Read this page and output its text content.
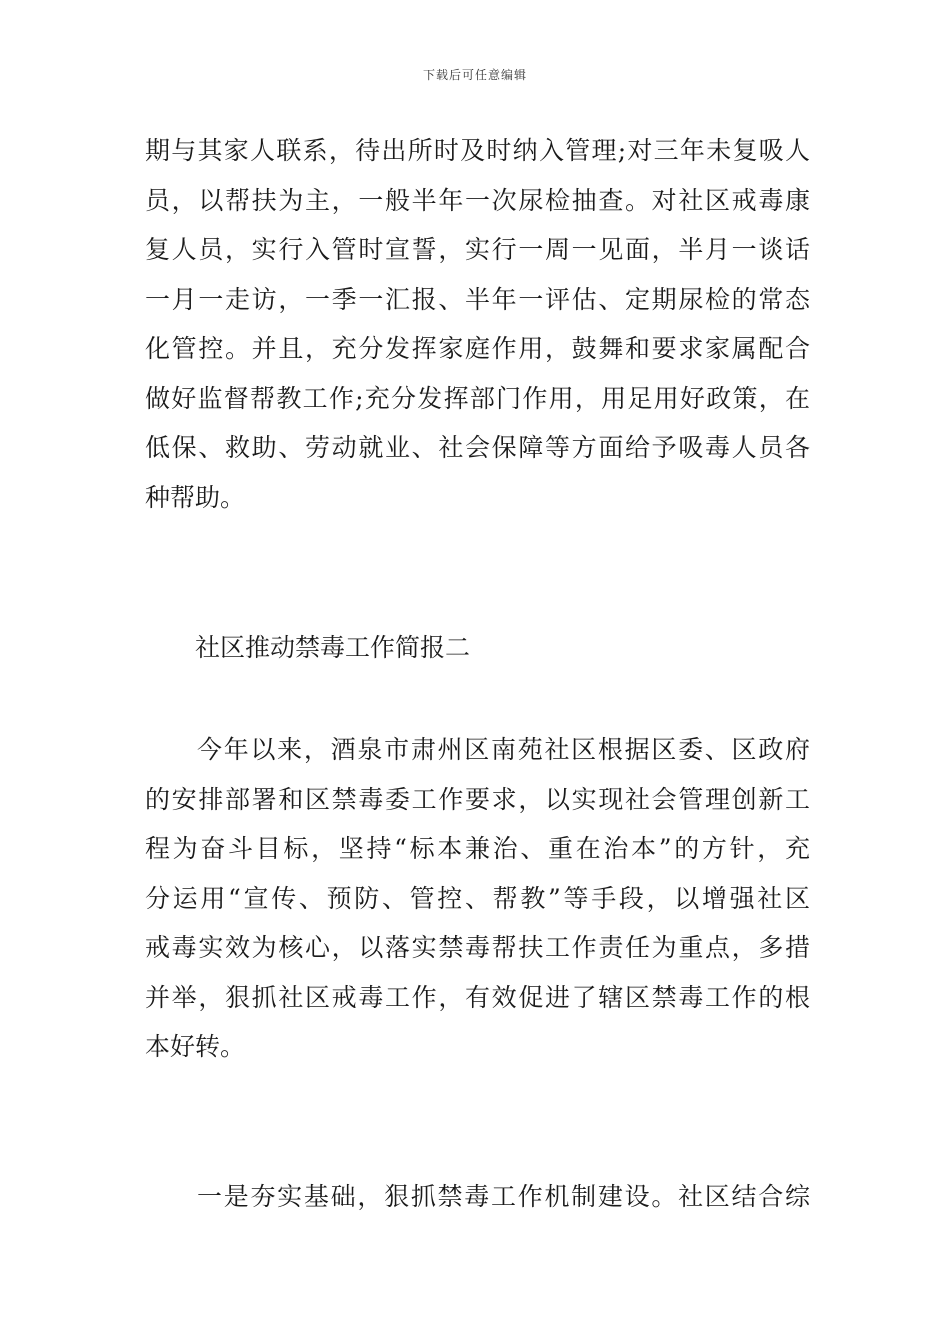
下载后可任意编辑
期与其家人联系，待出所时及时纳入管理;对三年未复吸人
员，以帮扶为主，一般半年一次尿检抽查。对社区戒毒康
复人员，实行入管时宣誓，实行一周一见面，半月一谈话
一月一走访，一季一汇报、半年一评估、定期尿检的常态
化管控。并且，充分发挥家庭作用，鼓舞和要求家属配合
做好监督帮教工作;充分发挥部门作用，用足用好政策，在
低保、救助、劳动就业、社会保障等方面给予吸毒人员各
种帮助。
社区推动禁毒工作简报二
今年以来，酒泉市肃州区南苑社区根据区委、区政府
的安排部署和区禁毒委工作要求，以实现社会管理创新工
程为奋斗目标，坚持“标本兼治、重在治本”的方针，充
分运用“宣传、预防、管控、帮教”等手段，以增强社区
戒毒实效为核心，以落实禁毒帮扶工作责任为重点，多措
并举，狠抓社区戒毒工作，有效促进了辖区禁毒工作的根
本好转。
一是夯实基础，狠抓禁毒工作机制建设。社区结合综
